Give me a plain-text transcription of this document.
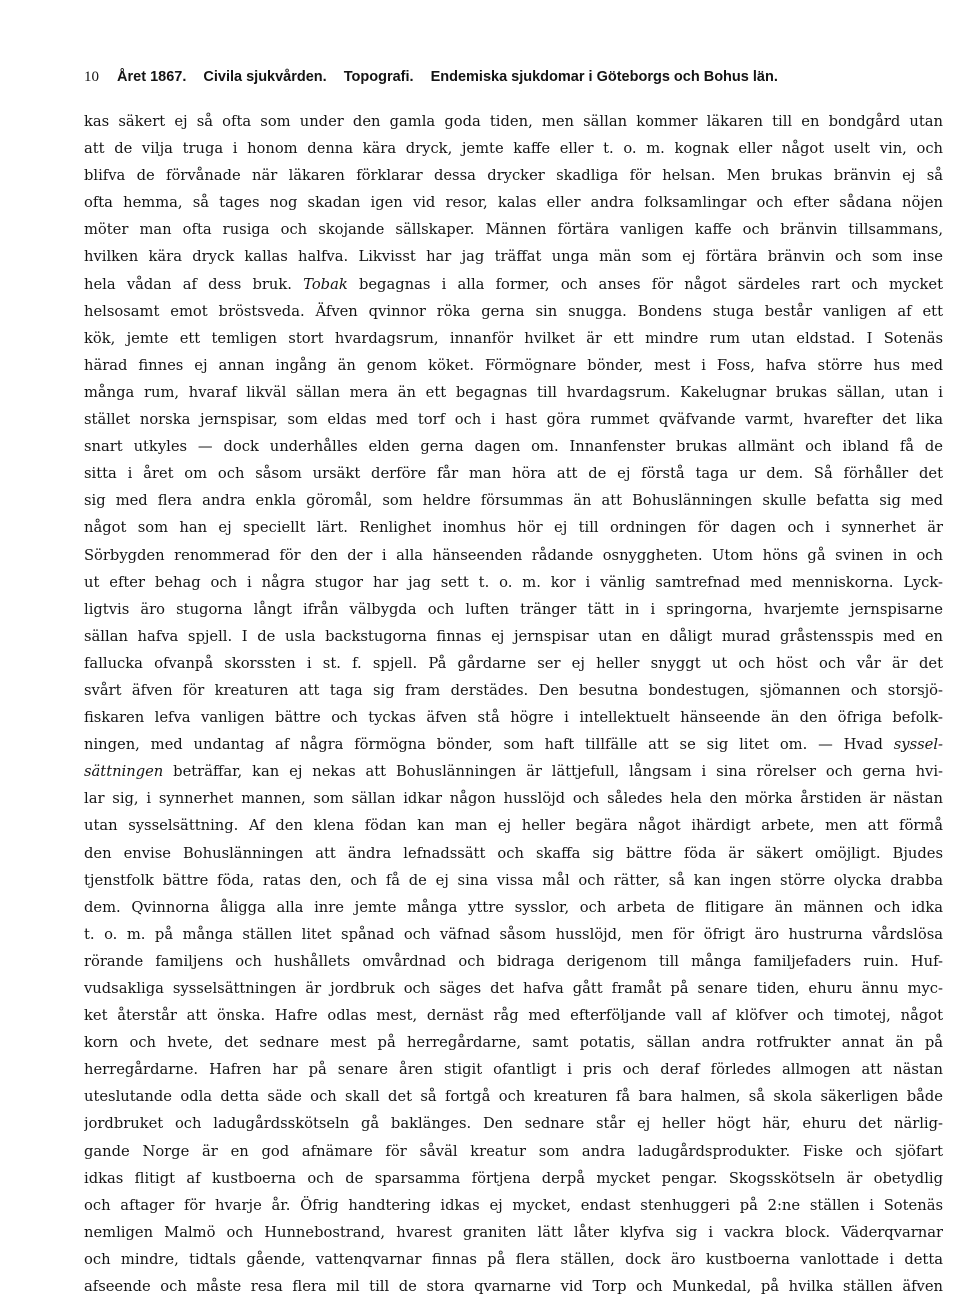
10 Året 1867. Civila sjukvården. Topografi. Endemiska sjukdomar i Göteborgs och Bohus län.
kas säkert ej så ofta som under den gamla goda tiden, men sällan kommer läkaren till en bondgård utan
att de vilja truga i honom denna kära dryck, jemte kaffe eller t. o. m. kognak eller något uselt vin, och
blifva de förvånade när läkaren förklarar dessa drycker skadliga för helsan. Men brukas bränvin ej så
ofta hemma, så tages nog skadan igen vid resor, kalas eller andra folksamlingar och efter sådana nöjen
möter man ofta rusiga och skojande sällskaper. Männen förtära vanligen kaffe och bränvin tillsammans,
hvilken kära dryck kallas halfva. Likvisst har jag träffat unga män som ej förtära bränvin och som inse
hela vådan af dess bruk. Tobak begagnas i alla former, och anses för något särdeles rart och mycket
helsosamt emot bröstsveda. Äfven qvinnor röka gerna sin snugga. Bondens stuga består vanligen af ett
kök, jemte ett temligen stort hvardagsrum, innanför hvilket är ett mindre rum utan eldstad. I Sotenäs
härad finnes ej annan ingång än genom köket. Förmögnare bönder, mest i Foss, hafva större hus med
många rum, hvaraf likväl sällan mera än ett begagnas till hvardagsrum. Kakelugnar brukas sällan, utan i
stället norska jernspisar, som eldas med torf och i hast göra rummet qväfvande varmt, hvarefter det lika
snart utkyles — dock underhålles elden gerna dagen om. Innanfenster brukas allmänt och ibland få de
sitta i året om och såsom ursäkt derföre får man höra att de ej förstå taga ur dem. Så förhåller det
sig med flera andra enkla göromål, som heldre försummas än att Bohuslänningen skulle befatta sig med
något som han ej speciellt lärt. Renlighet inomhus hör ej till ordningen för dagen och i synnerhet är
Sörbygden renommerad för den der i alla hänseenden rådande osnyggheten. Utom höns gå svinen in och
ut efter behag och i några stugor har jag sett t. o. m. kor i vänlig samtrefnad med menniskorna. Lyck-
ligtvis äro stugorna långt ifrån välbygda och luften tränger tätt in i springorna, hvarjemte jernspisarne
sällan hafva spjell. I de usla backstugorna finnas ej jernspisar utan en dåligt murad gråstensspis med en
fallucka ofvanpå skorssten i st. f. spjell. På gårdarne ser ej heller snyggt ut och höst och vår är det
svårt äfven för kreaturen att taga sig fram derstädes. Den besutna bondestugen, sjömannen och storsjö-
fiskaren lefva vanligen bättre och tyckas äfven stå högre i intellektuelt hänseende än den öfriga befolk-
ningen, med undantag af några förmögna bönder, som haft tillfälle att se sig litet om. — Hvad syssel-
sättningen beträffar, kan ej nekas att Bohuslänningen är lättjefull, långsam i sina rörelser och gerna hvi-
lar sig, i synnerhet mannen, som sällan idkar någon husslöjd och således hela den mörka årstiden är nästan
utan sysselsättning. Af den klena födan kan man ej heller begära något ihärdigt arbete, men att förmå
den envise Bohuslänningen att ändra lefnadssätt och skaffa sig bättre föda är säkert omöjligt. Bjudes
tjenstfolk bättre föda, ratas den, och få de ej sina vissa mål och rätter, så kan ingen större olycka drabba
dem. Qvinnorna åligga alla inre jemte många yttre sysslor, och arbeta de flitigare än männen och idka
t. o. m. på många ställen litet spånad och väfnad såsom husslöjd, men för öfrigt äro hustrurna vårdslösa
rörande familjens och hushållets omvårdnad och bidraga derigenom till många familjefaders ruin. Huf-
vudsakliga sysselsättningen är jordbruk och säges det hafva gått framåt på senare tiden, ehuru ännu myc-
ket återstår att önska. Hafre odlas mest, dernäst råg med efterföljande vall af klöfver och timotej, något
korn och hvete, det sednare mest på herregårdarne, samt potatis, sällan andra rotfrukter annat än på
herregårdarne. Hafren har på senare åren stigit ofantligt i pris och deraf förledes allmogen att nästan
uteslutande odla detta säde och skall det så fortgå och kreaturen få bara halmen, så skola säkerligen både
jordbruket och ladugårdsskötseln gå baklänges. Den sednare står ej heller högt här, ehuru det närlig-
gande Norge är en god afnämare för såväl kreatur som andra ladugårdsprodukter. Fiske och sjöfart
idkas flitigt af kustboerna och de sparsamma förtjena derpå mycket pengar. Skogsskötseln är obetydlig
och aftager för hvarje år. Öfrig handtering idkas ej mycket, endast stenhuggeri på 2:ne ställen i Sotenäs
nemligen Malmö och Hunnebostrand, hvarest graniten lätt låter klyfva sig i vackra block. Väderqvarnar
och mindre, tidtals gående, vattenqvarnar finnas på flera ställen, dock äro kustboerna vanlottade i detta
afseende och måste resa flera mil till de stora qvarnarne vid Torp och Munkedal, på hvilka ställen äfven
